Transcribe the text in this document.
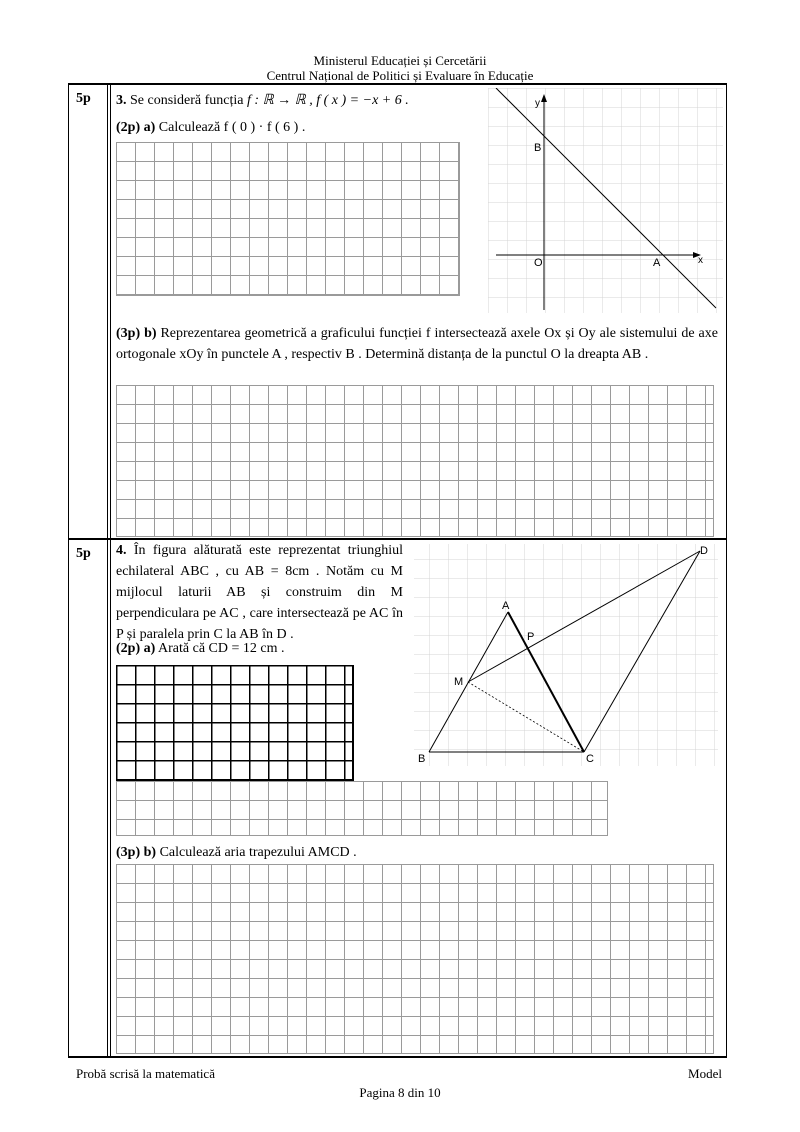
Ministerul Educației și Cercetării
Centrul Național de Politici și Evaluare în Educație
5p 3. Se consideră funcția f : ℝ → ℝ , f ( x ) = −x + 6 .
(2p) a) Calculează f ( 0 ) · f ( 6 ) .
y
x
B
O	A
(3p) b) Reprezentarea geometrică a graficului funcției f intersectează axele Ox și Oy ale sistemului de axe ortogonale xOy în punctele A , respectiv B . Determină distanța de la punctul O la dreapta AB .
5p 4. În figura alăturată este reprezentat triunghiul echilateral ABC , cu AB = 8cm . Notăm cu M mijlocul laturii AB și construim din M perpendiculara pe AC , care intersectează pe AC în P și paralela prin C la AB în D .
(2p) a) Arată că CD = 12 cm .
A
B	C
D
M
P
(3p) b) Calculează aria trapezului AMCD .
Probă scrisă la matematică	Model
Pagina 8 din 10
